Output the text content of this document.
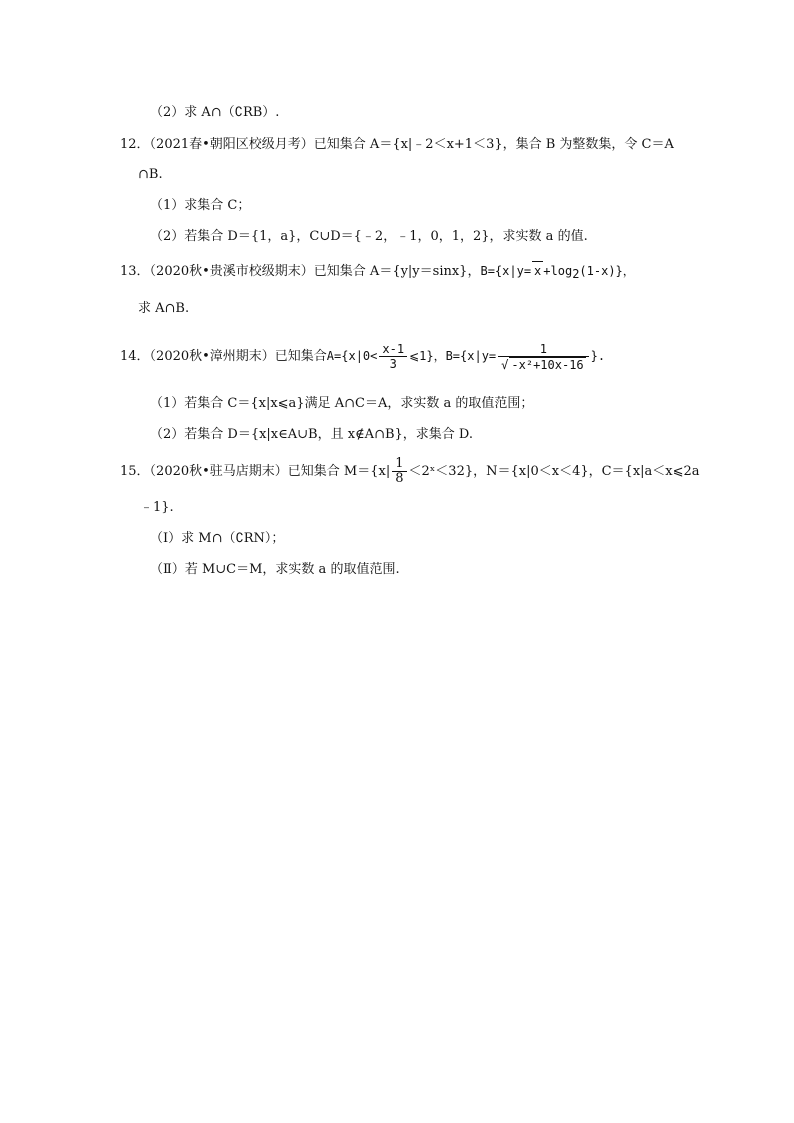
（2）求 A∩（∁RB）.
12．（2021春•朝阳区校级月考）已知集合 A＝{x|﹣2＜x+1＜3}，集合 B 为整数集，令 C＝A
∩B.
（1）求集合 C；
（2）若集合 D＝{1，a}，C∪D＝{﹣2，﹣1，0，1，2}，求实数 a 的值.
13．（2020秋•贵溪市校级期末）已知集合 A＝{y|y＝sinx}，B={x|y= x +log2(1-x)}，
求 A∩B.
14．（2020秋•漳州期末）已知集合$A=\{x|0< \frac{x-1}{3}$ ⩽1}，$B=\{x|y= \frac{1}{\text{√ -x²+10x-16}}$ }.
（1）若集合 C＝{x|x⩽a}满足 A∩C＝A，求实数 a 的取值范围；
（2）若集合 D＝{x|x∈A∪B，且 x∉A∩B}，求集合 D.
15．（2020秋•驻马店期末）已知集合 $M=\{x| \frac{1}{8}$ ＜2ˣ＜32}，N＝{x|0＜x＜4}，C＝{x|a＜x⩽2a
﹣1}.
（Ⅰ）求 M∩（∁RN）；
（Ⅱ）若 M∪C＝M，求实数 a 的取值范围.
